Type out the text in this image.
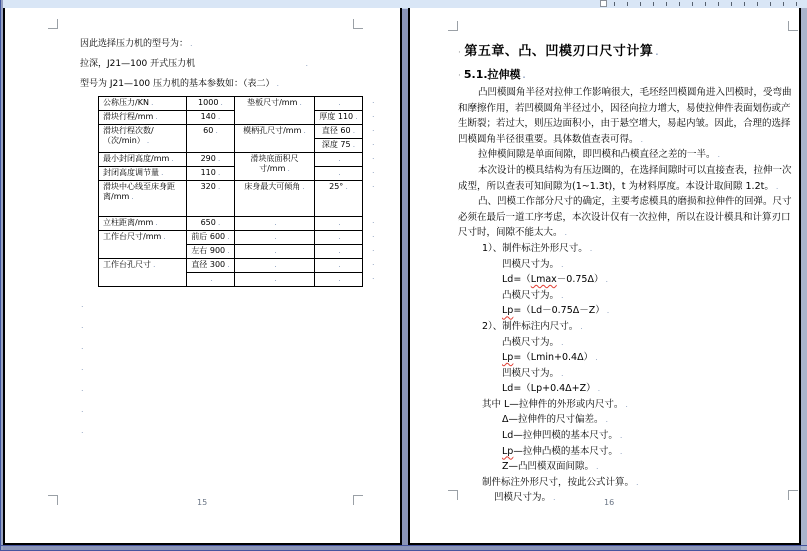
因此选择压力机的型号为： .
拉深，J21—100 开式压力机	.
型号为 J21—100 压力机的基本参数如：（表二） .
公称压力/KN .	1000 .	垫板尺寸/mm .	.
滑块行程/mm .	140 .		厚度 110 .
滑块行程次数/（次/min） .	60 .	模柄孔尺寸/mm .	直径 60 .
			深度 75 .
最小封闭高度/mm .	290 .	滑块底面积尺寸/mm .	.
封闭高度调节量 .	110 .		.
滑块中心线至床身距离/mm .	320 .	床身最大可倾角 .	25° .
立柱距离/mm .	650 .	.	.
工作台尺寸/mm .	前后 600 .	.	.
	左右 900 .	.	.
工作台孔尺寸 .	直径 300 .	.	.
	.	.	.
.
.
.
.
.
.
.
.
.
.
.
.
.
.
.
.
.
.
.
15
· 第五章、凸、凹模刃口尺寸计算 .
· 5.1.拉伸模 .
凸凹模圆角半径对拉伸工作影响很大，毛坯经凹模圆角进入凹模时，受弯曲
和摩擦作用，若凹模圆角半径过小，因径向拉力增大，易使拉伸件表面划伤或产
生断裂；若过大，则压边面积小，由于悬空增大，易起内皱。因此，合理的选择
凹模圆角半径很重要。具体数值查表可得。 .
拉伸模间隙是单面间隙，即凹模和凸模直径之差的一半。 .
本次设计的模具结构为有压边圈的，在选择间隙时可以直接查表，拉伸一次
成型，所以查表可知间隙为(1~1.3t)，t 为材料厚度。本设计取间隙 1.2t。 .
凸、凹模工作部分尺寸的确定，主要考虑模具的磨损和拉伸件的回弹。尺寸
必须在最后一道工序考虑，本次设计仅有一次拉伸，所以在设计模具和计算刃口
尺寸时，间隙不能太大。 .
1）、制件标注外形尺寸。 .
凹模尺寸为。 .
Ld=（Lmax－0.75Δ） .
凸模尺寸为。 .
Lp=（Ld－0.75Δ－Z） .
2）、制件标注内尺寸。 .
凸模尺寸为。 .
Lp=（Lmin+0.4Δ） .
凹模尺寸为。 .
Ld=（Lp+0.4Δ+Z） .
其中 L—拉伸件的外形或内尺寸。 .
Δ—拉伸件的尺寸偏差。 .
Ld—拉伸凹模的基本尺寸。 .
Lp—拉伸凸模的基本尺寸。 .
Z—凸凹模双面间隙。 .
制件标注外形尺寸，按此公式计算。 .
凹模尺寸为。 .
16
